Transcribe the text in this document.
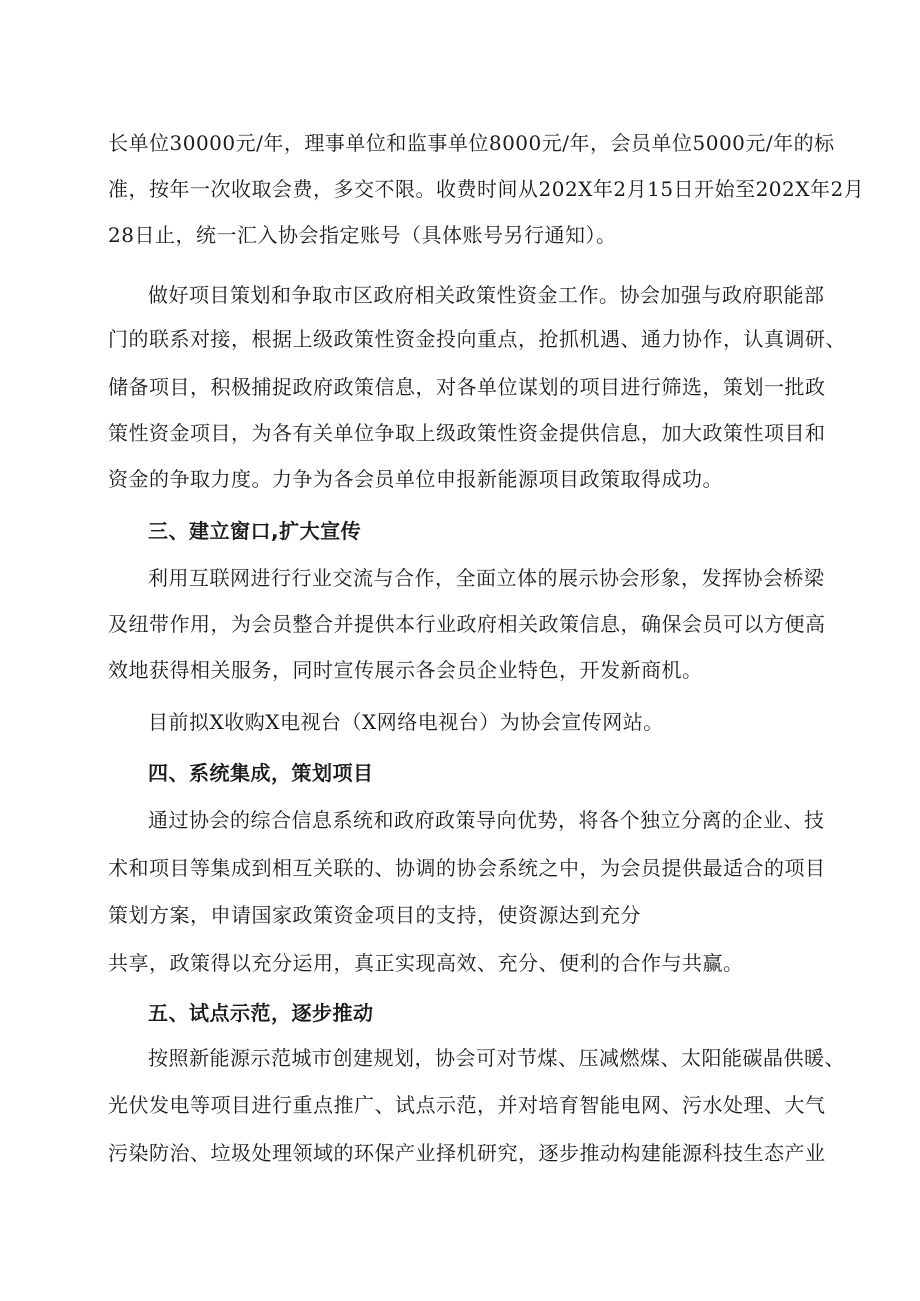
长单位30000元/年，理事单位和监事单位8000元/年，会员单位5000元/年的标
准，按年一次收取会费，多交不限。收费时间从202X年2月15日开始至202X年2月
28日止，统一汇入协会指定账号（具体账号另行通知）。
做好项目策划和争取市区政府相关政策性资金工作。协会加强与政府职能部
门的联系对接，根据上级政策性资金投向重点，抢抓机遇、通力协作，认真调研、
储备项目，积极捕捉政府政策信息，对各单位谋划的项目进行筛选，策划一批政
策性资金项目，为各有关单位争取上级政策性资金提供信息，加大政策性项目和
资金的争取力度。力争为各会员单位申报新能源项目政策取得成功。
三、建立窗口,扩大宣传
利用互联网进行行业交流与合作，全面立体的展示协会形象，发挥协会桥梁
及纽带作用，为会员整合并提供本行业政府相关政策信息，确保会员可以方便高
效地获得相关服务，同时宣传展示各会员企业特色，开发新商机。
目前拟X收购X电视台（X网络电视台）为协会宣传网站。
四、系统集成，策划项目
通过协会的综合信息系统和政府政策导向优势，将各个独立分离的企业、技
术和项目等集成到相互关联的、协调的协会系统之中，为会员提供最适合的项目
策划方案，申请国家政策资金项目的支持，使资源达到充分
共享，政策得以充分运用，真正实现高效、充分、便利的合作与共赢。
五、试点示范，逐步推动
按照新能源示范城市创建规划，协会可对节煤、压减燃煤、太阳能碳晶供暖、
光伏发电等项目进行重点推广、试点示范，并对培育智能电网、污水处理、大气
污染防治、垃圾处理领域的环保产业择机研究，逐步推动构建能源科技生态产业
